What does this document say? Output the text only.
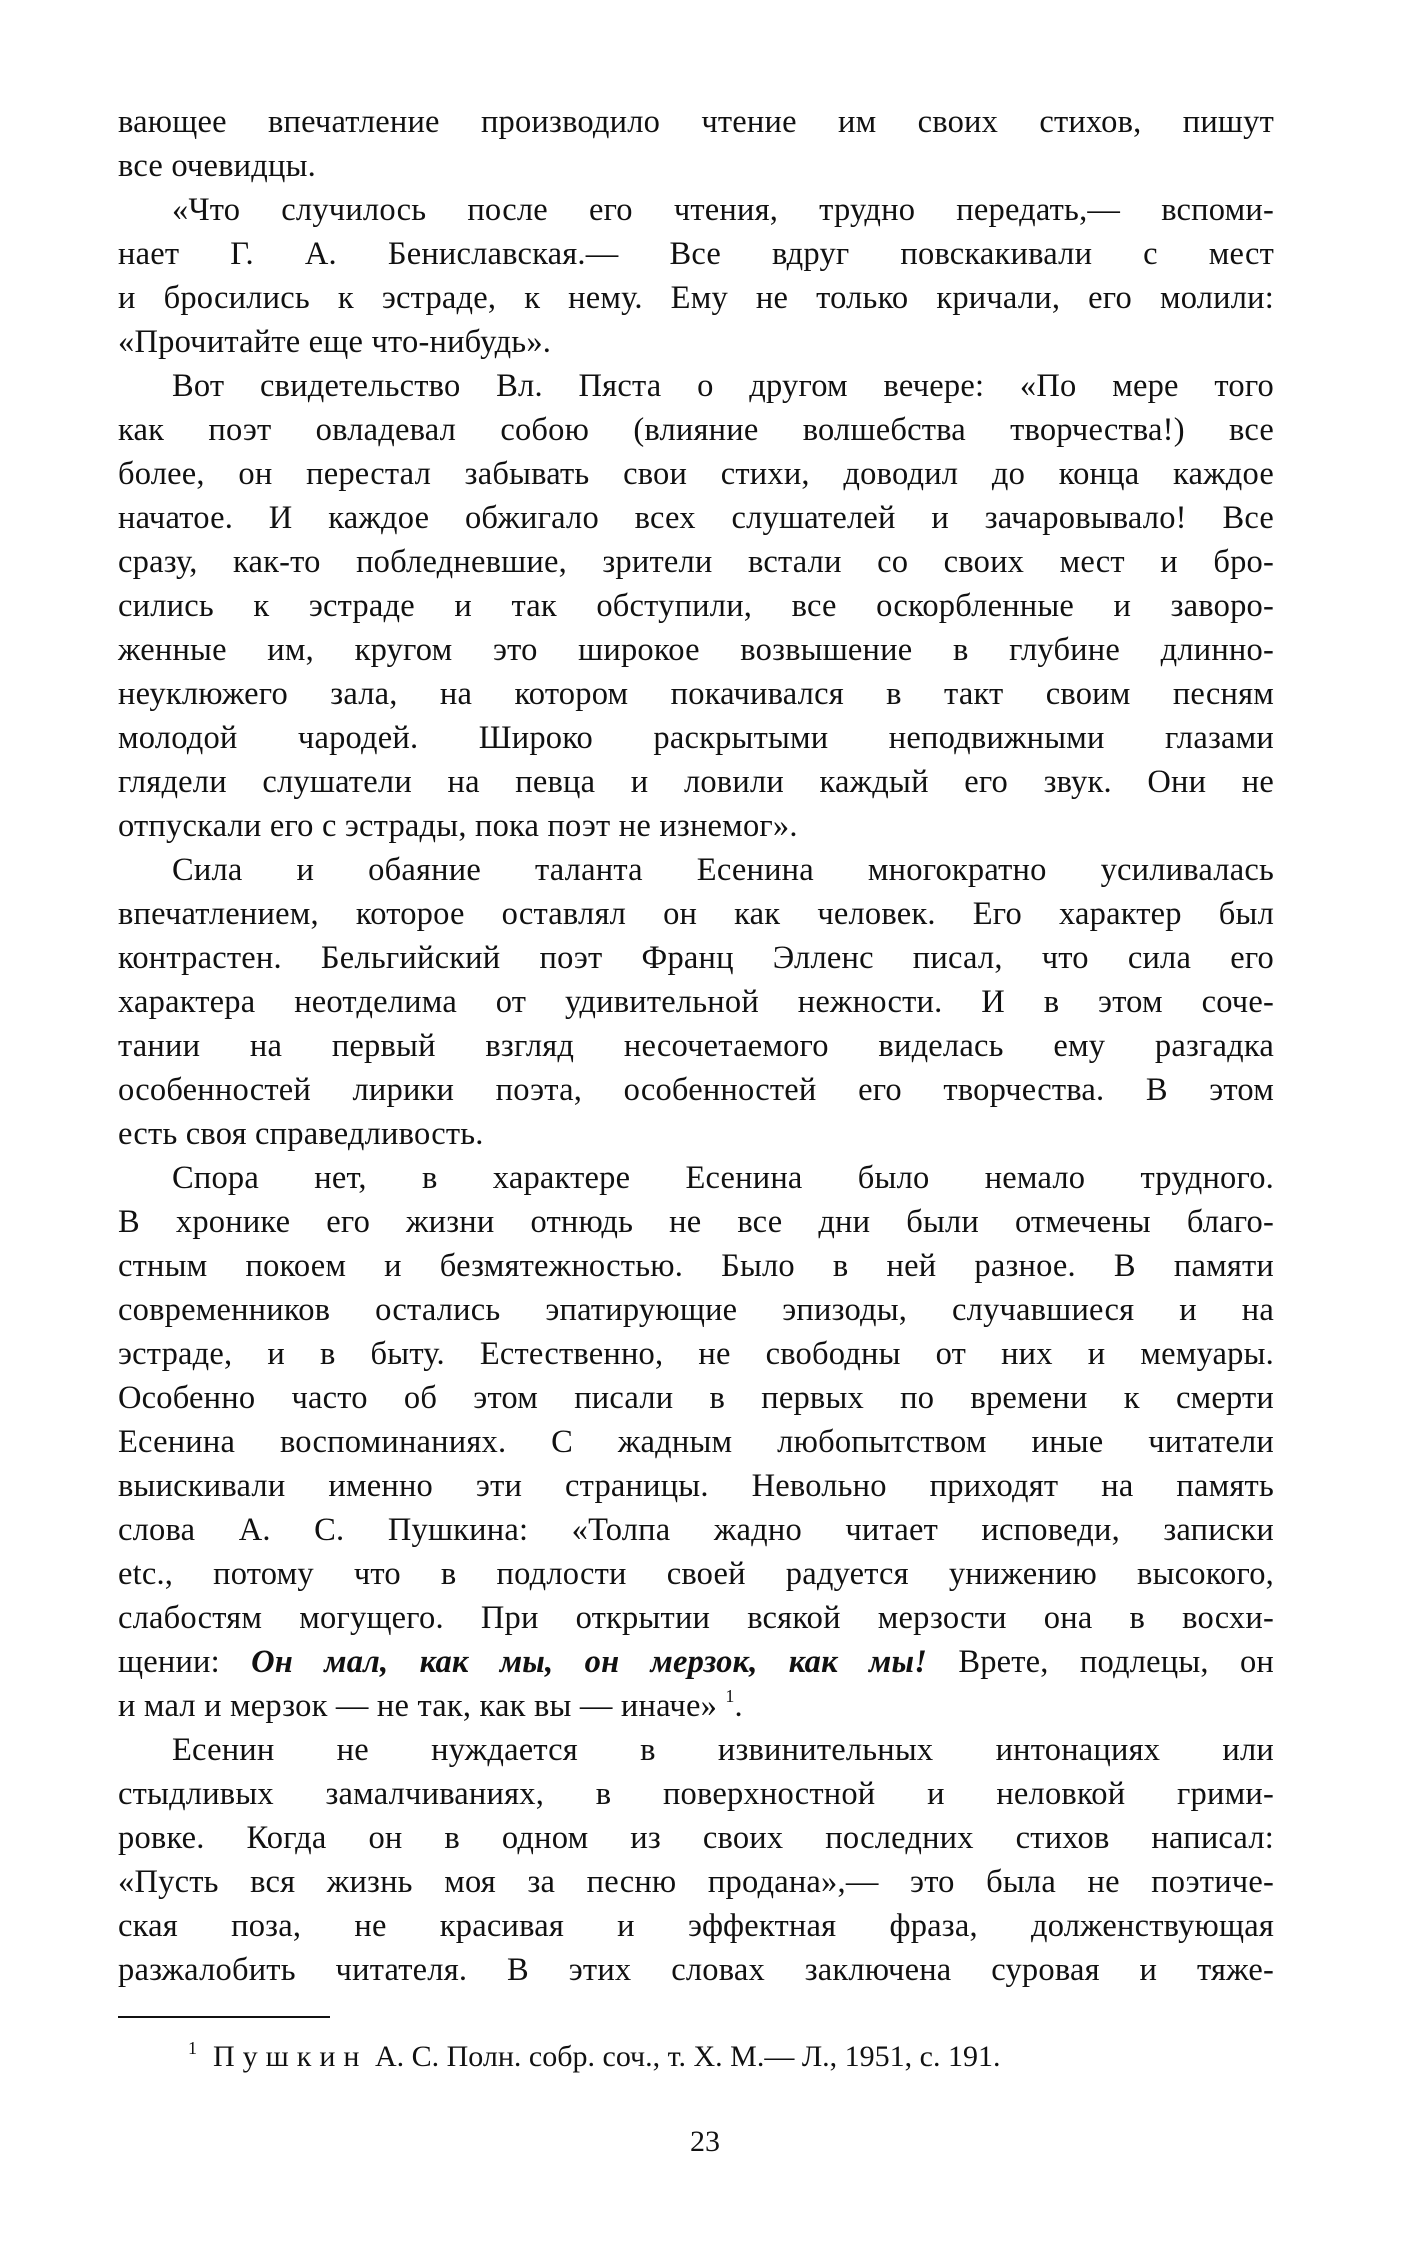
вающее впечатление производило чтение им своих стихов, пишут
все очевидцы.
«Что случилось после его чтения, трудно передать,— вспоми-
нает Г. А. Бениславская.— Все вдруг повскакивали с мест
и бросились к эстраде, к нему. Ему не только кричали, его молили:
«Прочитайте еще что-нибудь».
Вот свидетельство Вл. Пяста о другом вечере: «По мере того
как поэт овладевал собою (влияние волшебства творчества!) все
более, он перестал забывать свои стихи, доводил до конца каждое
начатое. И каждое обжигало всех слушателей и зачаровывало! Все
сразу, как-то побледневшие, зрители встали со своих мест и бро-
сились к эстраде и так обступили, все оскорбленные и заворо-
женные им, кругом это широкое возвышение в глубине длинно-
неуклюжего зала, на котором покачивался в такт своим песням
молодой чародей. Широко раскрытыми неподвижными глазами
глядели слушатели на певца и ловили каждый его звук. Они не
отпускали его с эстрады, пока поэт не изнемог».
Сила и обаяние таланта Есенина многократно усиливалась
впечатлением, которое оставлял он как человек. Его характер был
контрастен. Бельгийский поэт Франц Элленс писал, что сила его
характера неотделима от удивительной нежности. И в этом соче-
тании на первый взгляд несочетаемого виделась ему разгадка
особенностей лирики поэта, особенностей его творчества. В этом
есть своя справедливость.
Спора нет, в характере Есенина было немало трудного.
В хронике его жизни отнюдь не все дни были отмечены благо-
стным покоем и безмятежностью. Было в ней разное. В памяти
современников остались эпатирующие эпизоды, случавшиеся и на
эстраде, и в быту. Естественно, не свободны от них и мемуары.
Особенно часто об этом писали в первых по времени к смерти
Есенина воспоминаниях. С жадным любопытством иные читатели
выискивали именно эти страницы. Невольно приходят на память
слова А. С. Пушкина: «Толпа жадно читает исповеди, записки
etc., потому что в подлости своей радуется унижению высокого,
слабостям могущего. При открытии всякой мерзости она в восхи-
щении: Он мал, как мы, он мерзок, как мы! Врете, подлецы, он
и мал и мерзок — не так, как вы — иначе» $^1$.
Есенин не нуждается в извинительных интонациях или
стыдливых замалчиваниях, в поверхностной и неловкой грими-
ровке. Когда он в одном из своих последних стихов написал:
«Пусть вся жизнь моя за песню продана»,— это была не поэтиче-
ская поза, не красивая и эффектная фраза, долженствующая
разжалобить читателя. В этих словах заключена суровая и тяже-
$^1$ Пушкин А. С. Полн. собр. соч., т. X. М.— Л., 1951, с. 191.
23
